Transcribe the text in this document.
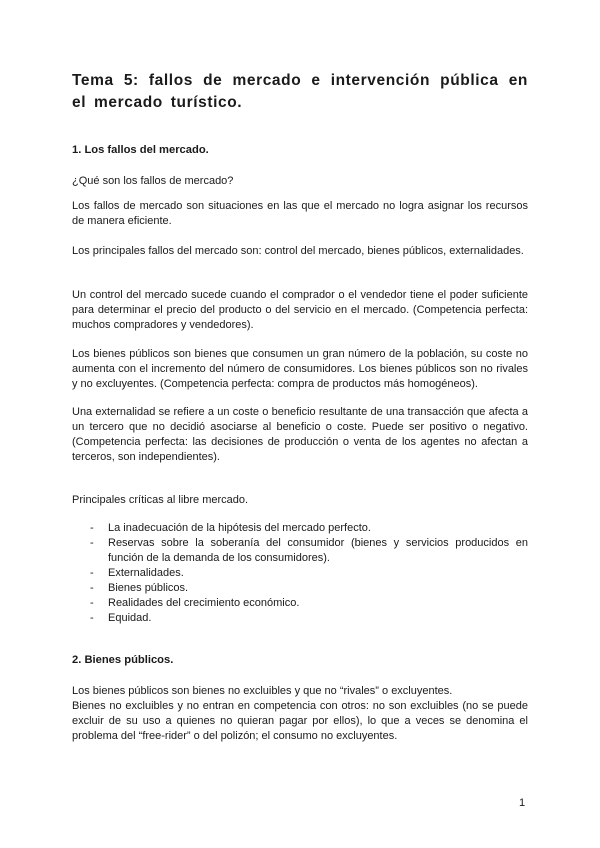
Tema 5: fallos de mercado e intervención pública en el mercado turístico.
1. Los fallos del mercado.

¿Qué son los fallos de mercado?

Los fallos de mercado son situaciones en las que el mercado no logra asignar los recursos de manera eficiente.

Los principales fallos del mercado son: control del mercado, bienes públicos, externalidades.

Un control del mercado sucede cuando el comprador o el vendedor tiene el poder suficiente para determinar el precio del producto o del servicio en el mercado. (Competencia perfecta: muchos compradores y vendedores).

Los bienes públicos son bienes que consumen un gran número de la población, su coste no aumenta con el incremento del número de consumidores. Los bienes públicos son no rivales y no excluyentes. (Competencia perfecta: compra de productos más homogéneos).

Una externalidad se refiere a un coste o beneficio resultante de una transacción que afecta a un tercero que no decidió asociarse al beneficio o coste. Puede ser positivo o negativo. (Competencia perfecta: las decisiones de producción o venta de los agentes no afectan a terceros, son independientes).

Principales críticas al libre mercado.

- La inadecuación de la hipótesis del mercado perfecto.
- Reservas sobre la soberanía del consumidor (bienes y servicios producidos en función de la demanda de los consumidores).
- Externalidades.
- Bienes públicos.
- Realidades del crecimiento económico.
- Equidad.
2. Bienes públicos.

Los bienes públicos son bienes no excluibles y que no “rivales” o excluyentes.

Bienes no excluibles y no entran en competencia con otros: no son excluibles (no se puede excluir de su uso a quienes no quieran pagar por ellos), lo que a veces se denomina el problema del “free-rider” o del polizón; el consumo no excluyentes.

1
